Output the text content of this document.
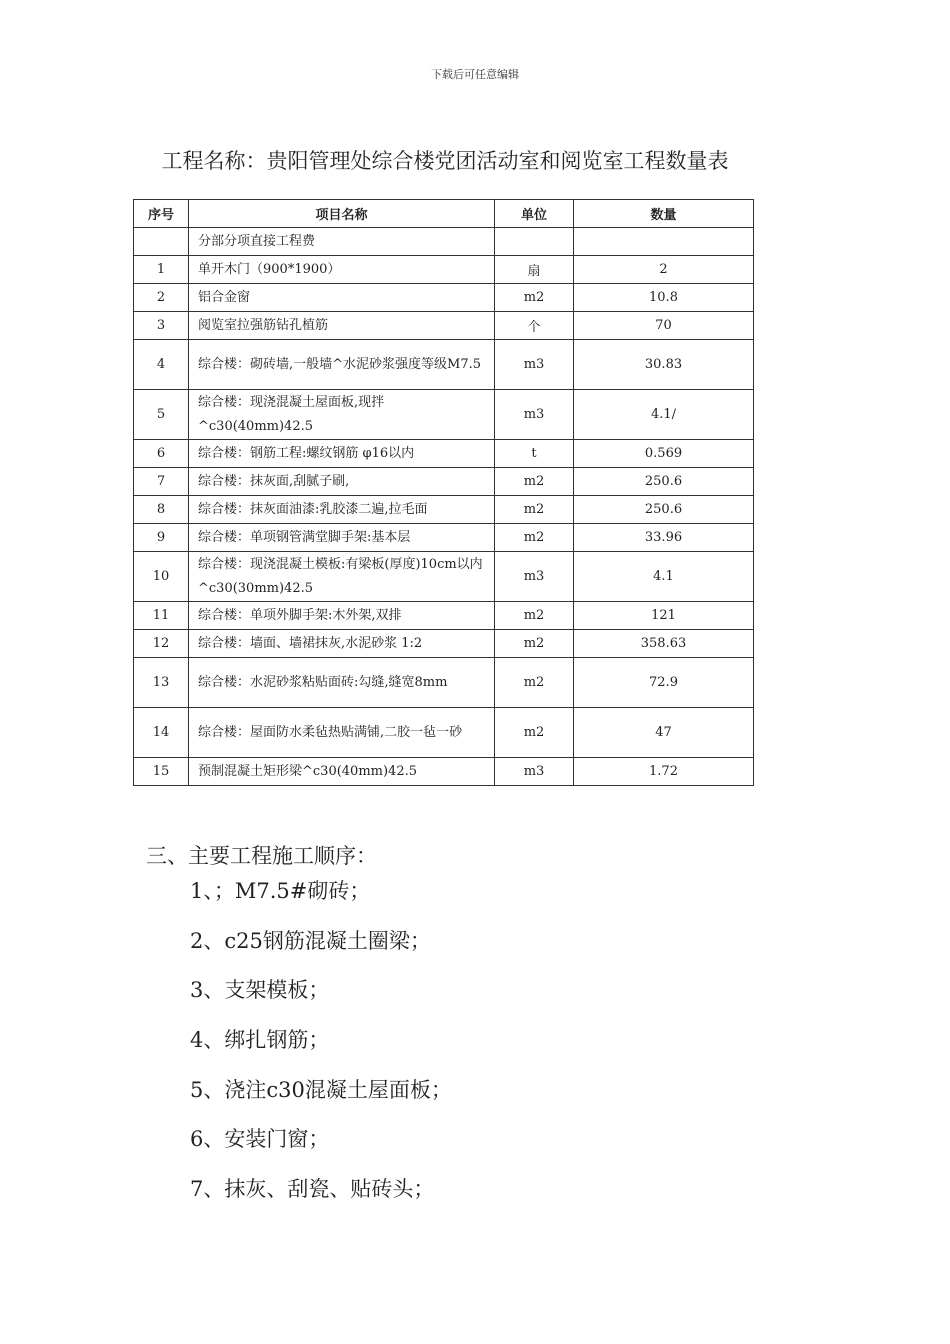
下载后可任意编辑
工程名称：贵阳管理处综合楼党团活动室和阅览室工程数量表
序号	项目名称	单位	数量
	分部分项直接工程费		
1	单开木门（900*1900）	扇	2
2	铝合金窗	m2	10.8
3	阅览室拉强筋钻孔植筋	个	70
4	综合楼：砌砖墙,一般墙^水泥砂浆强度等级M7.5	m3	30.83
5	综合楼：现浇混凝土屋面板,现拌^c30(40mm)42.5	m3	4.1/
6	综合楼：钢筋工程:螺纹钢筋 φ16以内	t	0.569
7	综合楼：抹灰面,刮腻子刷,	m2	250.6
8	综合楼：抹灰面油漆:乳胶漆二遍,拉毛面	m2	250.6
9	综合楼：单项钢管满堂脚手架:基本层	m2	33.96
10	综合楼：现浇混凝土模板:有梁板(厚度)10cm以内^c30(30mm)42.5	m3	4.1
11	综合楼：单项外脚手架:木外架,双排	m2	121
12	综合楼：墙面、墙裙抹灰,水泥砂浆 1:2	m2	358.63
13	综合楼：水泥砂浆粘贴面砖:勾缝,缝宽8mm	m2	72.9
14	综合楼：屋面防水柔毡热贴满铺,二胶一毡一砂	m2	47
15	预制混凝土矩形梁^c30(40mm)42.5	m3	1.72
三、主要工程施工顺序：
1、；M7.5#砌砖；
2、c25钢筋混凝土圈梁；
3、支架模板；
4、绑扎钢筋；
5、浇注c30混凝土屋面板；
6、安装门窗；
7、抹灰、刮瓷、贴砖头；
